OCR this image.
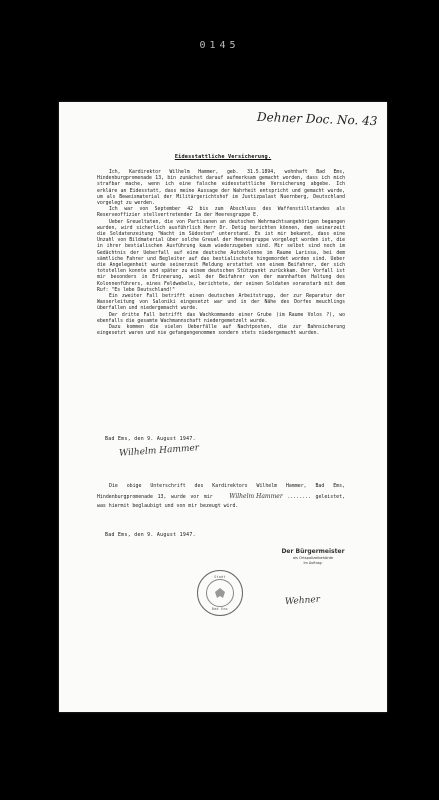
0145
Dehner Doc. No. 43
Eidesstattliche Versicherung.

Ich, Kardirektor Wilhelm Hammer, geb. 31.5.1894, wohnhaft Bad Ems, Hindenburgpromenade 13, bin zunächst darauf aufmerksam gemacht worden, dass ich mich strafbar mache, wenn ich eine falsche eidesstattliche Versicherung abgebe. Ich erkläre an Eidesstatt, dass meine Aussage der Wahrheit entspricht und gemacht wurde, um als Beweismaterial der Militärgerichtshof im Justizpalast Nuernberg, Deutschland vorgelegt zu werden.

Ich war von September 42 bis zum Abschluss des Waffenstillstandes als Reserveoffizier stellvertretender Ia der Heeresgruppe E.

Ueber Greueltaten, die von Partisanen an deutschen Wehrmachtsangehörigen begangen wurden, wird sicherlich ausführlich Herr Dr. Detig berichten können, dem seinerzeit die Soldatenzeitung "Wacht im Südosten" unterstand. Es ist mir bekannt, dass eine Unzahl von Bildmaterial über solche Greuel der Heeresgruppe vorgelegt worden ist, die in ihrer bestialischen Ausführung kaum wiederzugeben sind. Mir selbst sind noch im Gedächtnis der Ueberfall auf eine deutsche Autokolonne im Raume Larissa, bei dem sämtliche Fahrer und Begleiter auf das bestialischste hingemordet worden sind. Ueber die Angelegenheit wurde seinerzeit Meldung erstattet von einem Beifahrer, der sich totstellen konnte und später zu einem deutschen Stützpunkt zurückkam. Der Vorfall ist mir besonders in Erinnerung, weil der Beifahrer von der mannhaften Haltung des Kolonnenführers, eines Feldwebels, berichtete, der seinen Soldaten voranstarb mit dem Ruf: "Es lebe Deutschland!"

Ein zweiter Fall betrifft einen deutschen Arbeitstrupp, der zur Reparatur der Wasserleitung von Saloniki eingesetzt war und in der Nähe des Dorfes meuchlings überfallen und niedergemacht wurde.

Der dritte Fall betrifft das Wachkommando einer Grube (im Raume Volos ?), wo ebenfalls die gesamte Wachmannschaft niedergemetzelt wurde.

Dazu kommen die vielen Ueberfälle auf Nachtposten, die zur Bahnsicherung eingesetzt waren und nie gefangengenommen sondern stets niedergemacht wurden.

Bad Ems, den 9. August 1947.
Wilhelm Hammer

Die obige Unterschrift des Kardirektors Wilhelm Hammer, Bad Ems, Hindenburgpromenade 13, wurde vor mir	Wilhelm Hammer ........ geleistet, was hiermit beglaubigt und von mir bezeugt wird.

Bad Ems, den 9. August 1947.
Stadt
Bad Ems
Der Bürgermeister
als Ortspolizeibehörde
Im Auftrag:
Wehner
